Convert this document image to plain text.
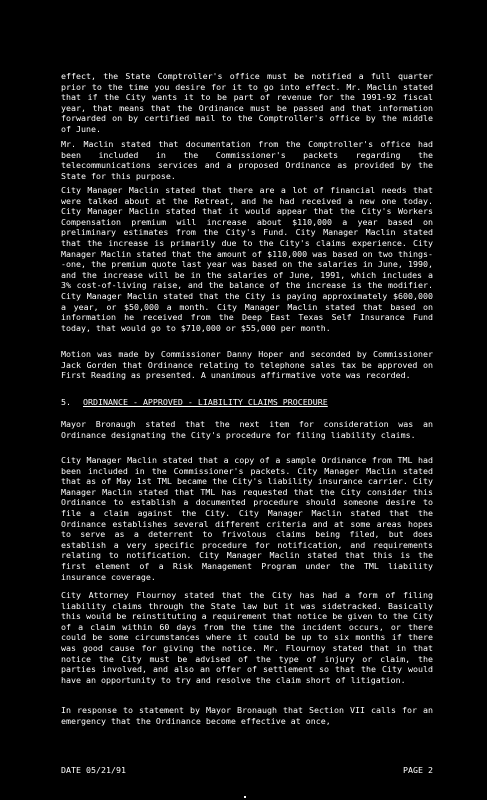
effect, the State Comptroller's office must be notified a full quarter prior to the time you desire for it to go into effect. Mr. Maclin stated that if the City wants it to be part of revenue for the 1991-92 fiscal year, that means that the Ordinance must be passed and that information forwarded on by certified mail to the Comptroller's office by the middle of June.

Mr. Maclin stated that documentation from the Comptroller's office had been included in the Commissioner's packets regarding the telecommunications services and a proposed Ordinance as provided by the State for this purpose.

City Manager Maclin stated that there are a lot of financial needs that were talked about at the Retreat, and he had received a new one today. City Manager Maclin stated that it would appear that the City's Workers Compensation premium will increase about $110,000 a year based on preliminary estimates from the City's Fund. City Manager Maclin stated that the increase is primarily due to the City's claims experience. City Manager Maclin stated that the amount of $110,000 was based on two things--one, the premium quote last year was based on the salaries in June, 1990, and the increase will be in the salaries of June, 1991, which includes a 3% cost-of-living raise, and the balance of the increase is the modifier. City Manager Maclin stated that the City is paying approximately $600,000 a year, or $50,000 a month. City Manager Maclin stated that based on information he received from the Deep East Texas Self Insurance Fund today, that would go to $710,000 or $55,000 per month.

Motion was made by Commissioner Danny Hoper and seconded by Commissioner Jack Gorden that Ordinance relating to telephone sales tax be approved on First Reading as presented. A unanimous affirmative vote was recorded.

5. ORDINANCE - APPROVED - LIABILITY CLAIMS PROCEDURE

Mayor Bronaugh stated that the next item for consideration was an Ordinance designating the City's procedure for filing liability claims.

City Manager Maclin stated that a copy of a sample Ordinance from TML had been included in the Commissioner's packets. City Manager Maclin stated that as of May 1st TML became the City's liability insurance carrier. City Manager Maclin stated that TML has requested that the City consider this Ordinance to establish a documented procedure should someone desire to file a claim against the City. City Manager Maclin stated that the Ordinance establishes several different criteria and at some areas hopes to serve as a deterrent to frivolous claims being filed, but does establish a very specific procedure for notification, and requirements relating to notification. City Manager Maclin stated that this is the first element of a Risk Management Program under the TML liability insurance coverage.

City Attorney Flournoy stated that the City has had a form of filing liability claims through the State law but it was sidetracked. Basically this would be reinstituting a requirement that notice be given to the City of a claim within 60 days from the time the incident occurs, or there could be some circumstances where it could be up to six months if there was good cause for giving the notice. Mr. Flournoy stated that in that notice the City must be advised of the type of injury or claim, the parties involved, and also an offer of settlement so that the City would have an opportunity to try and resolve the claim short of litigation.

In response to statement by Mayor Bronaugh that Section VII calls for an emergency that the Ordinance become effective at once,

DATE 05/21/91	PAGE 2
